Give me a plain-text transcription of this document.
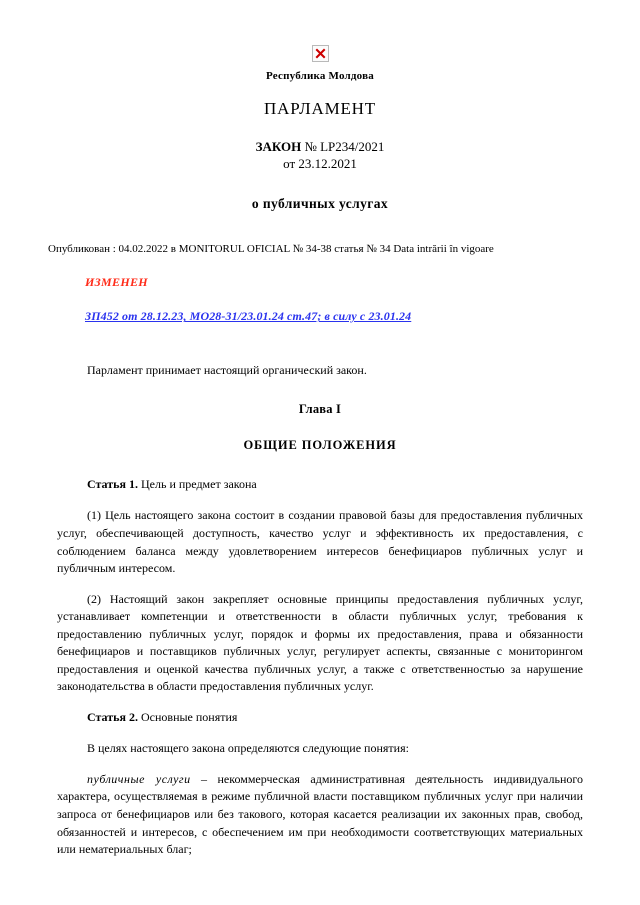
Республика Молдова
ПАРЛАМЕНТ
ЗАКОН № LP234/2021
от 23.12.2021
о публичных услугах
Опубликован : 04.02.2022 в MONITORUL OFICIAL № 34-38 статья № 34 Data intrării în vigoare
ИЗМЕНЕН
ЗП452 от 28.12.23, МО28-31/23.01.24 ст.47; в силу с 23.01.24

Парламент принимает настоящий органический закон.

Глава I
ОБЩИЕ ПОЛОЖЕНИЯ

Статья 1. Цель и предмет закона

(1) Цель настоящего закона состоит в создании правовой базы для предоставления публичных услуг, обеспечивающей доступность, качество услуг и эффективность их предоставления, с соблюдением баланса между удовлетворением интересов бенефициаров публичных услуг и публичным интересом.

(2) Настоящий закон закрепляет основные принципы предоставления публичных услуг, устанавливает компетенции и ответственности в области публичных услуг, требования к предоставлению публичных услуг, порядок и формы их предоставления, права и обязанности бенефициаров и поставщиков публичных услуг, регулирует аспекты, связанные с мониторингом предоставления и оценкой качества публичных услуг, а также с ответственностью за нарушение законодательства в области предоставления публичных услуг.

Статья 2. Основные понятия

В целях настоящего закона определяются следующие понятия:

публичные услуги – некоммерческая административная деятельность индивидуального характера, осуществляемая в режиме публичной власти поставщиком публичных услуг при наличии запроса от бенефициаров или без такового, которая касается реализации их законных прав, свобод, обязанностей и интересов, с обеспечением им при необходимости соответствующих материальных или нематериальных благ;
